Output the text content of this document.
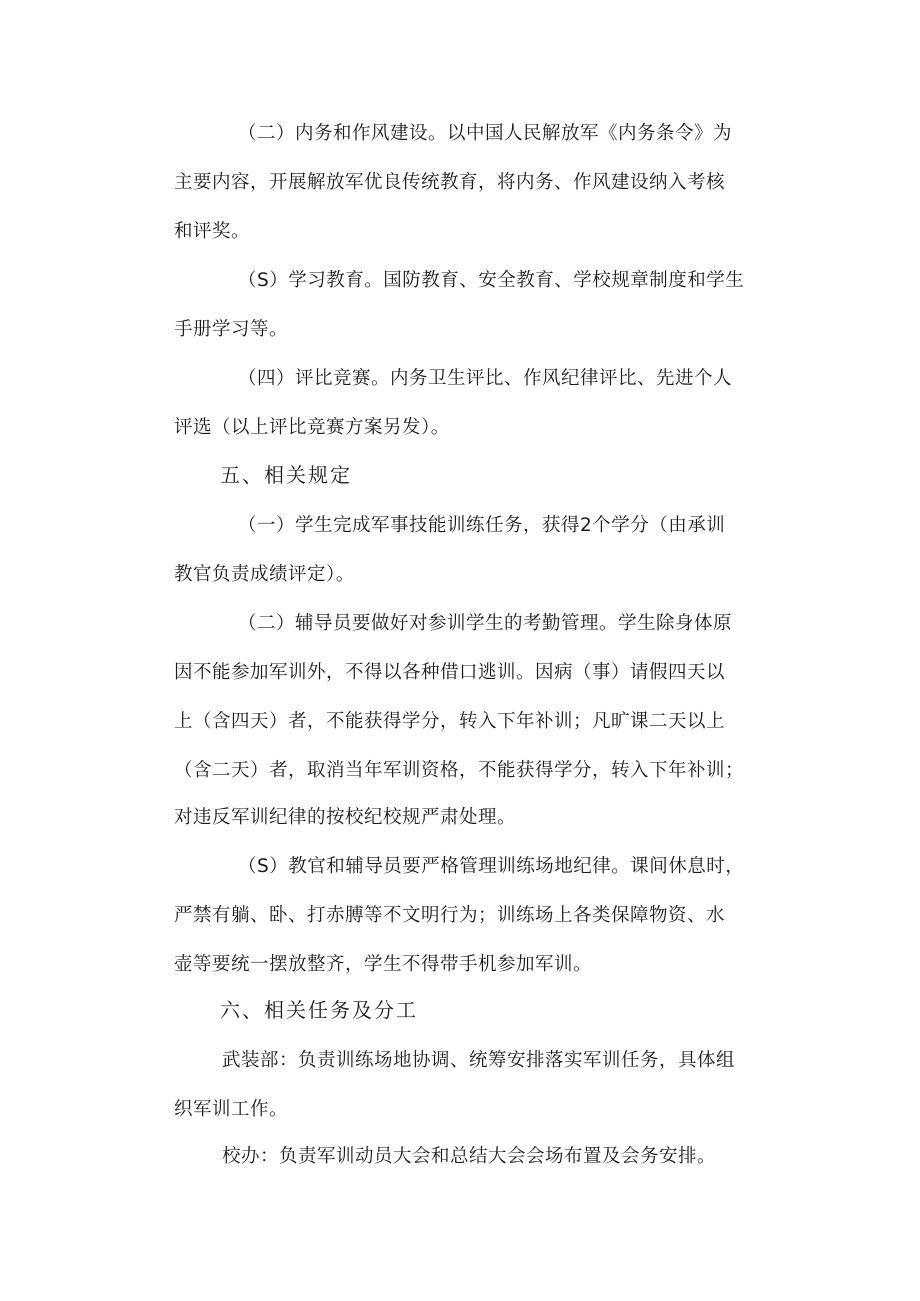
（二）内务和作风建设。以中国人民解放军《内务条令》为
主要内容，开展解放军优良传统教育，将内务、作风建设纳入考核
和评奖。
（S）学习教育。国防教育、安全教育、学校规章制度和学生
手册学习等。
（四）评比竞赛。内务卫生评比、作风纪律评比、先进个人
评选（以上评比竞赛方案另发）。
五、相关规定
（一）学生完成军事技能训练任务，获得2个学分（由承训
教官负责成绩评定）。
（二）辅导员要做好对参训学生的考勤管理。学生除身体原
因不能参加军训外，不得以各种借口逃训。因病（事）请假四天以
上（含四天）者，不能获得学分，转入下年补训；凡旷课二天以上
（含二天）者，取消当年军训资格，不能获得学分，转入下年补训；
对违反军训纪律的按校纪校规严肃处理。
（S）教官和辅导员要严格管理训练场地纪律。课间休息时，
严禁有躺、卧、打赤膊等不文明行为；训练场上各类保障物资、水
壶等要统一摆放整齐，学生不得带手机参加军训。
六、相关任务及分工
武装部：负责训练场地协调、统筹安排落实军训任务，具体组
织军训工作。
校办：负责军训动员大会和总结大会会场布置及会务安排。
